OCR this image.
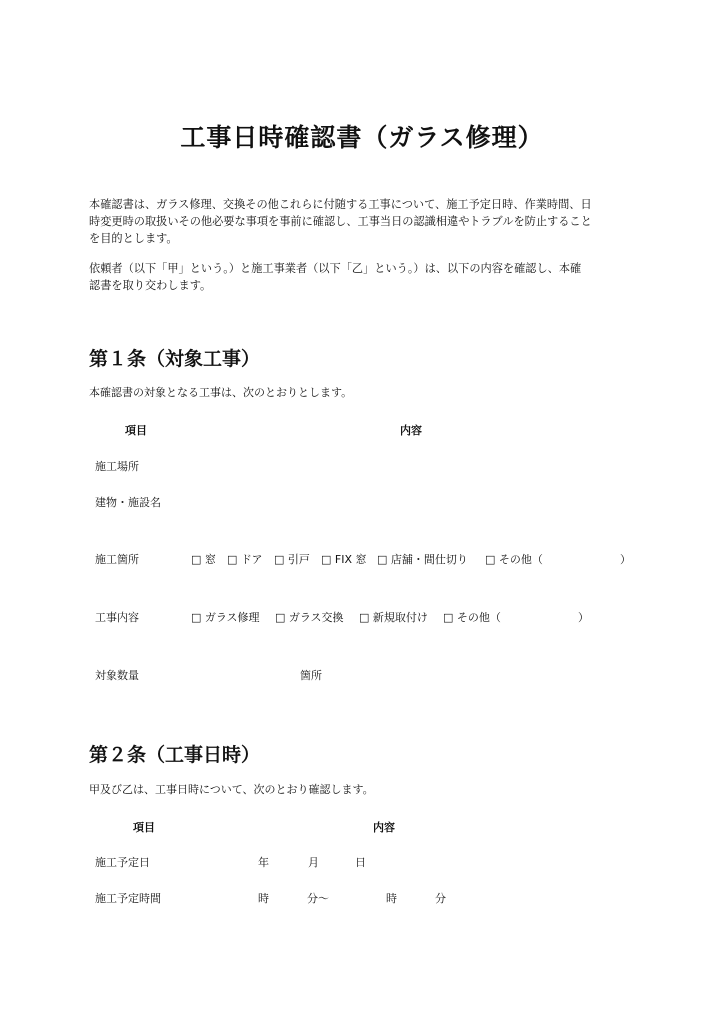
工事日時確認書（ガラス修理）
本確認書は、ガラス修理、交換その他これらに付随する工事について、施工予定日時、作業時間、日
時変更時の取扱いその他必要な事項を事前に確認し、工事当日の認識相違やトラブルを防止すること
を目的とします。
依頼者（以下「甲」という。）と施工事業者（以下「乙」という。）は、以下の内容を確認し、本確
認書を取り交わします。
第１条（対象工事）
本確認書の対象となる工事は、次のとおりとします。
項目	内容
施工場所
建物・施設名
施工箇所	□ 窓 □ ドア □ 引戸 □ FIX 窓 □ 店舗・間仕切り □ その他（	）
工事内容	□ ガラス修理 □ ガラス交換 □ 新規取付け □ その他（	）
対象数量	箇所
第２条（工事日時）
甲及び乙は、工事日時について、次のとおり確認します。
項目	内容
施工予定日	年	月	日
施工予定時間	時	分～	時	分
